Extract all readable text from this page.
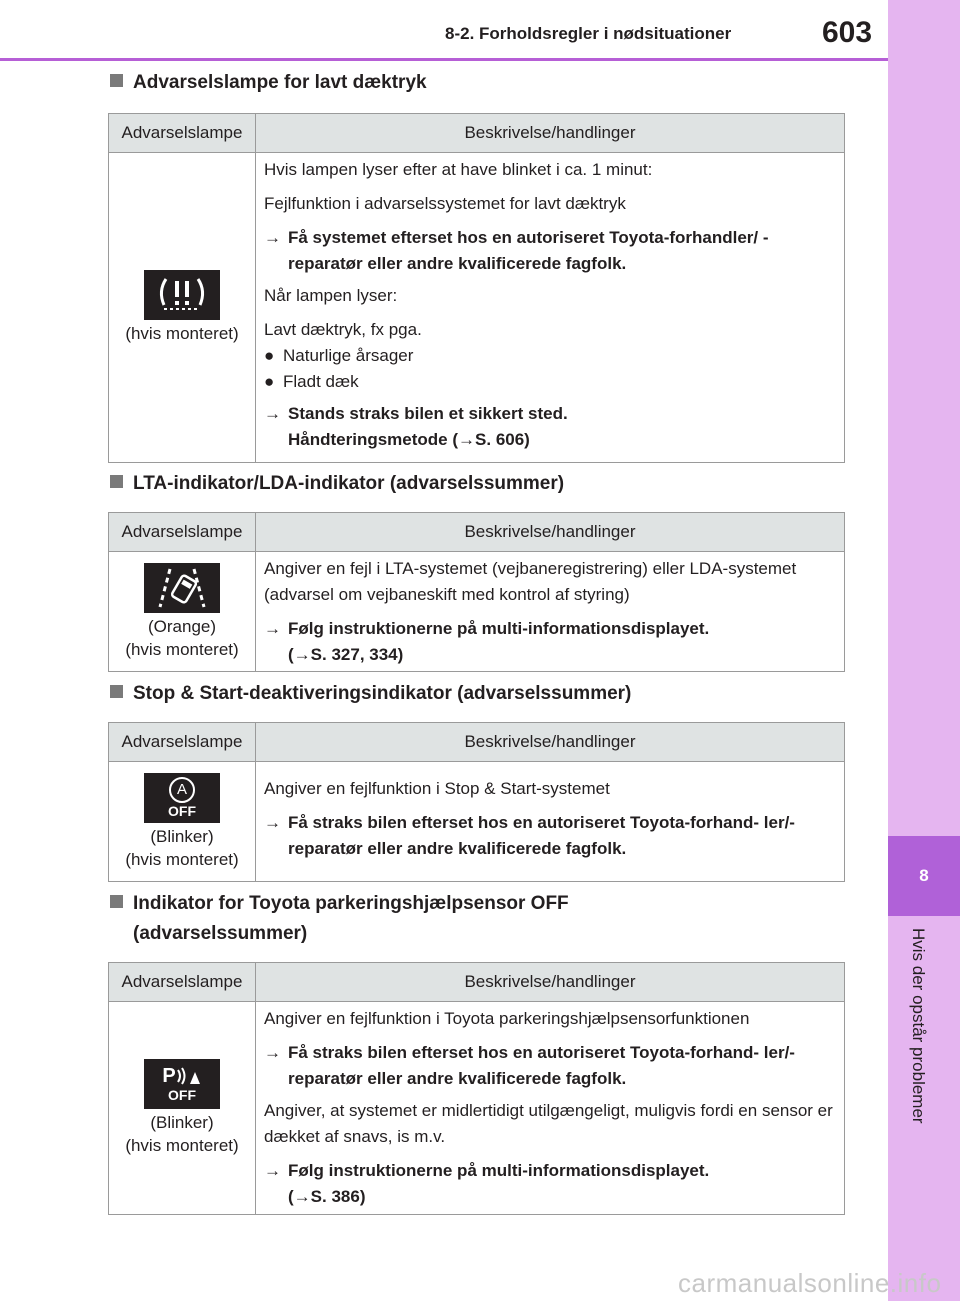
8-2. Forholdsregler i nødsituationer	603
8
Hvis der opstår problemer
Advarselslampe for lavt dæktryk
Advarselslampe	Beskrivelse/handlinger
(hvis monteret)

Hvis lampen lyser efter at have blinket i ca. 1 minut:

Fejlfunktion i advarselssystemet for lavt dæktryk

→ Få systemet efterset hos en autoriseret Toyota-forhandler/ -reparatør eller andre kvalificerede fagfolk.

Når lampen lyser:

Lavt dæktryk, fx pga.

● Naturlige årsager
● Fladt dæk
→ Stands straks bilen et sikkert sted.
Håndteringsmetode (→S. 606)
LTA-indikator/LDA-indikator (advarselssummer)
Advarselslampe	Beskrivelse/handlinger
(Orange)
(hvis monteret)

Angiver en fejl i LTA-systemet (vejbaneregistrering) eller LDA-systemet (advarsel om vejbaneskift med kontrol af styring)

→ Følg instruktionerne på multi-informationsdisplayet.
(→S. 327, 334)
Stop & Start-deaktiveringsindikator (advarselssummer)
Advarselslampe	Beskrivelse/handlinger
A
OFF
(Blinker)
(hvis monteret)

Angiver en fejlfunktion i Stop & Start-systemet

→ Få straks bilen efterset hos en autoriseret Toyota-forhand- ler/-reparatør eller andre kvalificerede fagfolk.
Indikator for Toyota parkeringshjælpsensor OFF
(advarselssummer)
Advarselslampe	Beskrivelse/handlinger
P
OFF
(Blinker)
(hvis monteret)

Angiver en fejlfunktion i Toyota parkeringshjælpsensorfunktionen

→ Få straks bilen efterset hos en autoriseret Toyota-forhand- ler/-reparatør eller andre kvalificerede fagfolk.

Angiver, at systemet er midlertidigt utilgængeligt, muligvis fordi en sensor er dækket af snavs, is m.v.

→ Følg instruktionerne på multi-informationsdisplayet.
(→S. 386)
carmanualsonline.info
